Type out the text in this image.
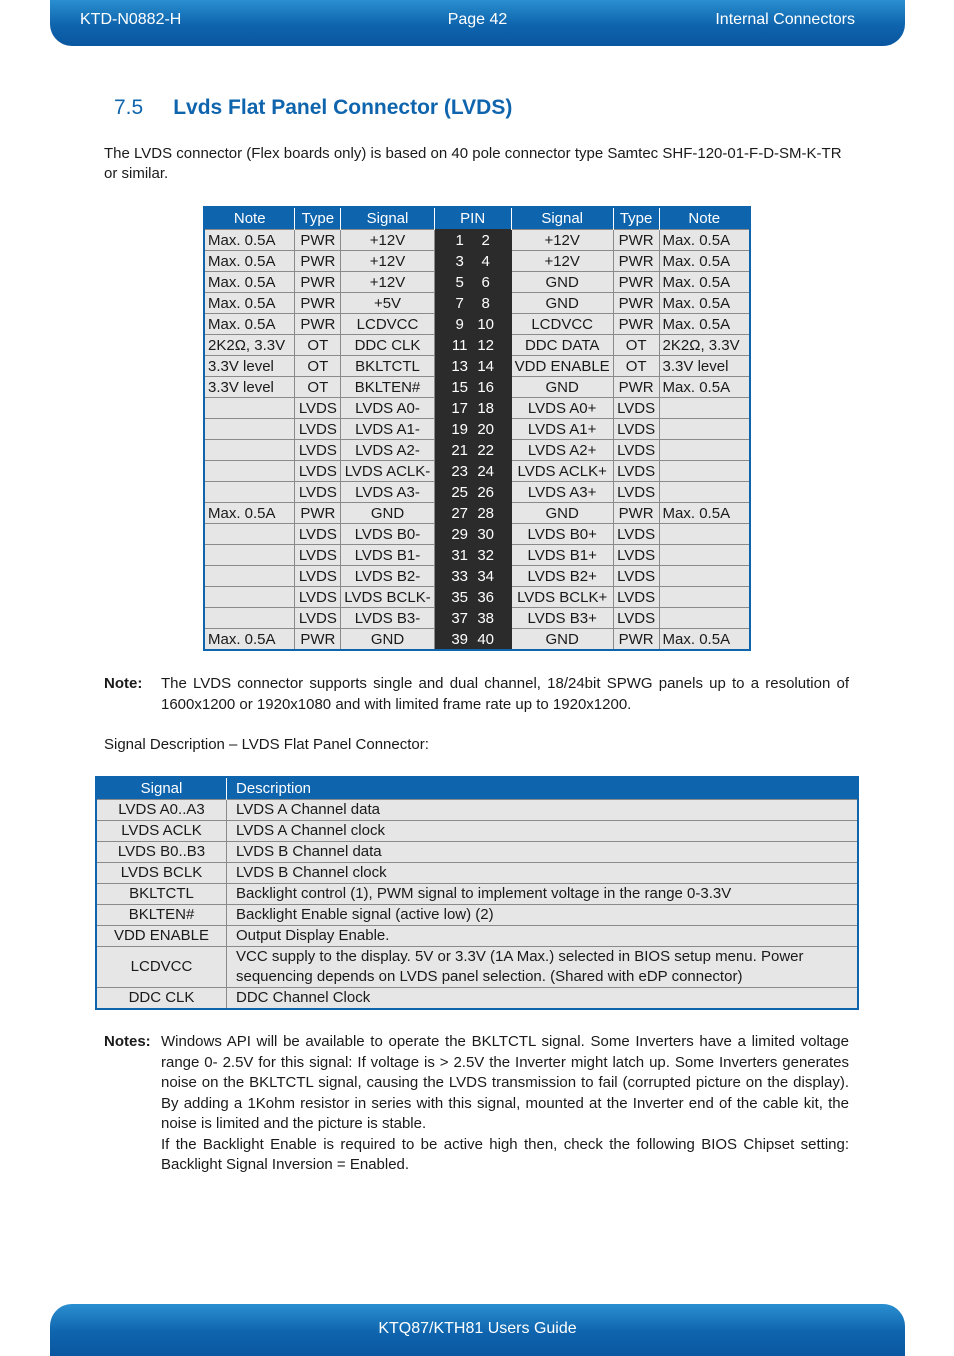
KTD-N0882-H	Page 42	Internal Connectors
7.5 Lvds Flat Panel Connector (LVDS)
The LVDS connector (Flex boards only) is based on 40 pole connector type Samtec SHF-120-01-F-D-SM-K-TR or similar.
Note	Type	Signal	PIN	Signal	Type	Note
Max. 0.5A	PWR	+12V	1 2	+12V	PWR	Max. 0.5A
Max. 0.5A	PWR	+12V	3 4	+12V	PWR	Max. 0.5A
Max. 0.5A	PWR	+12V	5 6	GND	PWR	Max. 0.5A
Max. 0.5A	PWR	+5V	7 8	GND	PWR	Max. 0.5A
Max. 0.5A	PWR	LCDVCC	9 10	LCDVCC	PWR	Max. 0.5A
2K2Ω, 3.3V	OT	DDC CLK	11 12	DDC DATA	OT	2K2Ω, 3.3V
3.3V level	OT	BKLTCTL	13 14	VDD ENABLE	OT	3.3V level
3.3V level	OT	BKLTEN#	15 16	GND	PWR	Max. 0.5A
	LVDS	LVDS A0-	17 18	LVDS A0+	LVDS	
	LVDS	LVDS A1-	19 20	LVDS A1+	LVDS	
	LVDS	LVDS A2-	21 22	LVDS A2+	LVDS	
	LVDS	LVDS ACLK-	23 24	LVDS ACLK+	LVDS	
	LVDS	LVDS A3-	25 26	LVDS A3+	LVDS	
Max. 0.5A	PWR	GND	27 28	GND	PWR	Max. 0.5A
	LVDS	LVDS B0-	29 30	LVDS B0+	LVDS	
	LVDS	LVDS B1-	31 32	LVDS B1+	LVDS	
	LVDS	LVDS B2-	33 34	LVDS B2+	LVDS	
	LVDS	LVDS BCLK-	35 36	LVDS BCLK+	LVDS	
	LVDS	LVDS B3-	37 38	LVDS B3+	LVDS	
Max. 0.5A	PWR	GND	39 40	GND	PWR	Max. 0.5A
Note: The LVDS connector supports single and dual channel, 18/24bit SPWG panels up to a resolution of 1600x1200 or 1920x1080 and with limited frame rate up to 1920x1200.
Signal Description – LVDS Flat Panel Connector:
Signal	Description
LVDS A0..A3	LVDS A Channel data
LVDS ACLK	LVDS A Channel clock
LVDS B0..B3	LVDS B Channel data
LVDS BCLK	LVDS B Channel clock
BKLTCTL	Backlight control (1), PWM signal to implement voltage in the range 0-3.3V
BKLTEN#	Backlight Enable signal (active low) (2)
VDD ENABLE	Output Display Enable.
LCDVCC	VCC supply to the display. 5V or 3.3V (1A Max.) selected in BIOS setup menu. Power sequencing depends on LVDS panel selection. (Shared with eDP connector)
DDC CLK	DDC Channel Clock
Notes: Windows API will be available to operate the BKLTCTL signal. Some Inverters have a limited voltage range 0- 2.5V for this signal: If voltage is > 2.5V the Inverter might latch up. Some Inverters generates noise on the BKLTCTL signal, causing the LVDS transmission to fail (corrupted picture on the display). By adding a 1Kohm resistor in series with this signal, mounted at the Inverter end of the cable kit, the noise is limited and the picture is stable.
If the Backlight Enable is required to be active high then, check the following BIOS Chipset setting: Backlight Signal Inversion = Enabled.
KTQ87/KTH81 Users Guide
